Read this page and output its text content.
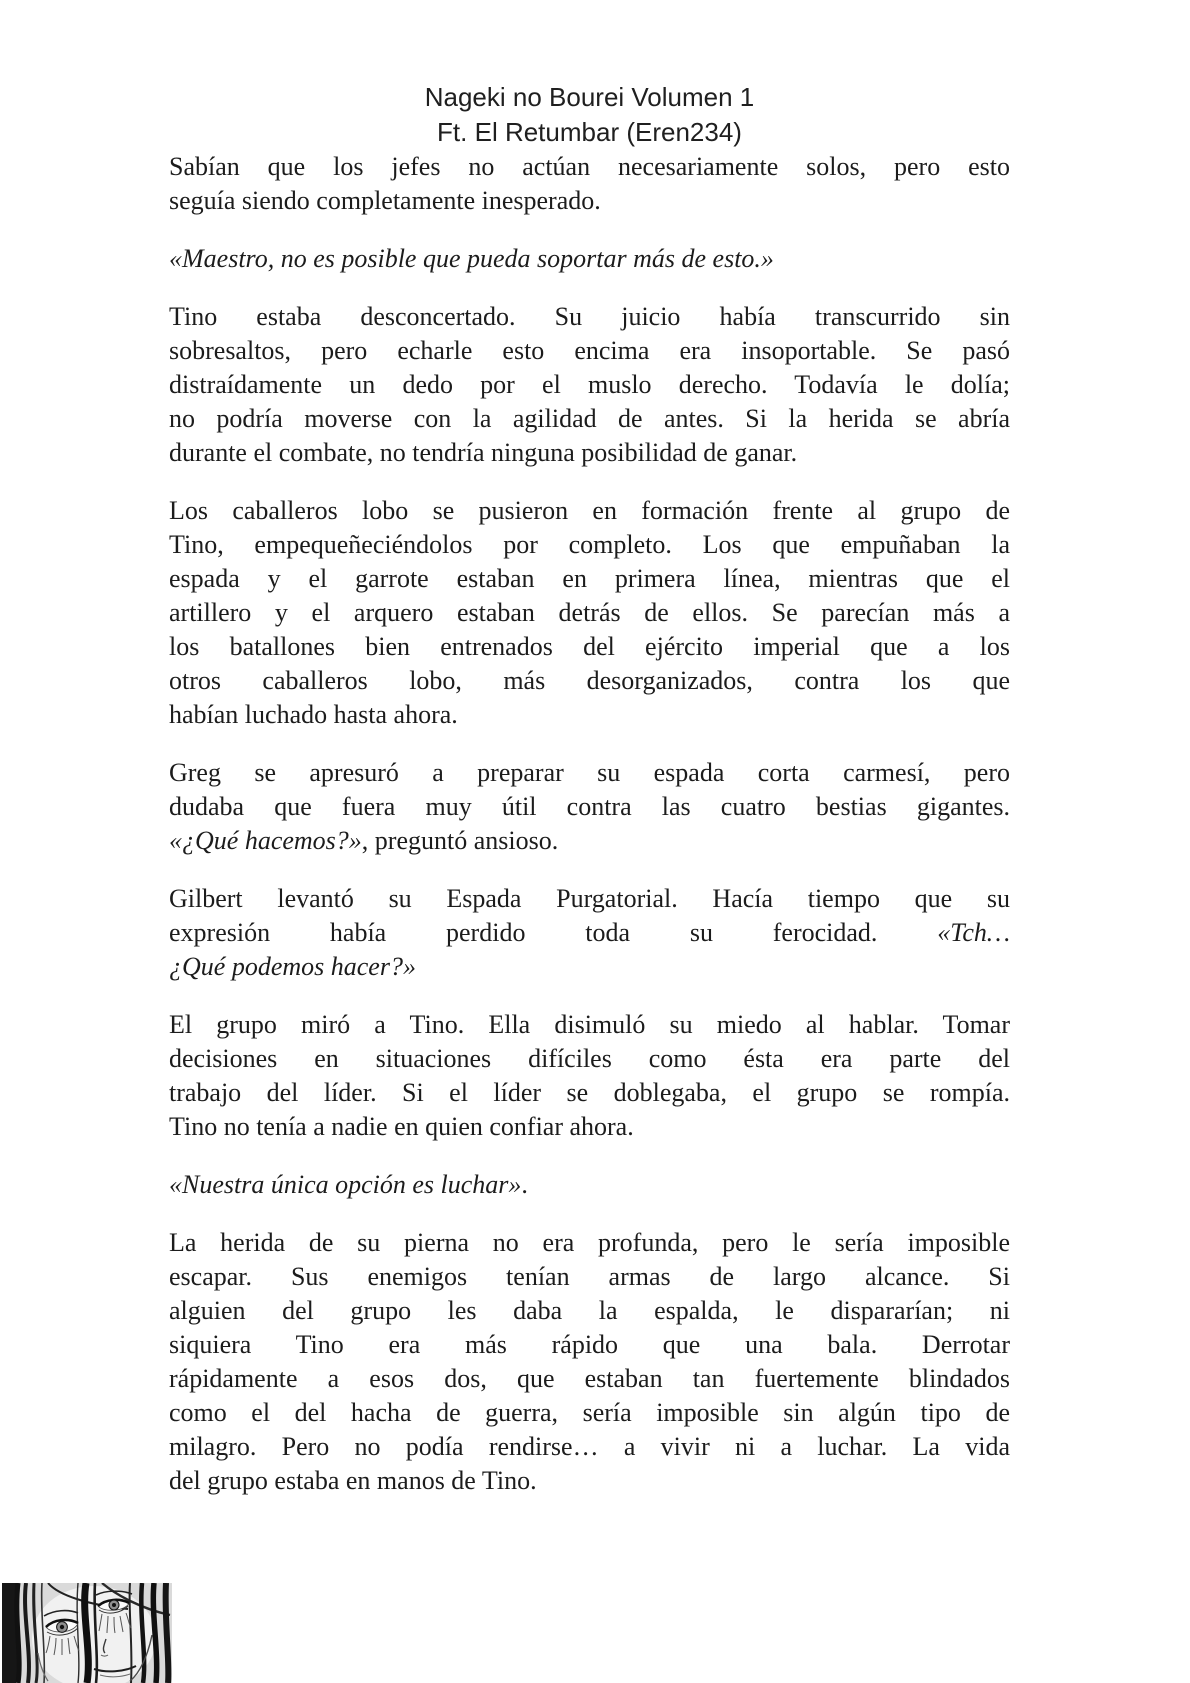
Nageki no Bourei Volumen 1
Ft. El Retumbar (Eren234)
Sabían que los jefes no actúan necesariamente solos, pero esto
seguía siendo completamente inesperado.
«Maestro, no es posible que pueda soportar más de esto.»
Tino estaba desconcertado. Su juicio había transcurrido sin
sobresaltos, pero echarle esto encima era insoportable. Se pasó
distraídamente un dedo por el muslo derecho. Todavía le dolía;
no podría moverse con la agilidad de antes. Si la herida se abría
durante el combate, no tendría ninguna posibilidad de ganar.
Los caballeros lobo se pusieron en formación frente al grupo de
Tino, empequeñeciéndolos por completo. Los que empuñaban la
espada y el garrote estaban en primera línea, mientras que el
artillero y el arquero estaban detrás de ellos. Se parecían más a
los batallones bien entrenados del ejército imperial que a los
otros caballeros lobo, más desorganizados, contra los que
habían luchado hasta ahora.
Greg se apresuró a preparar su espada corta carmesí, pero
dudaba que fuera muy útil contra las cuatro bestias gigantes.
«¿Qué hacemos?», preguntó ansioso.
Gilbert levantó su Espada Purgatorial. Hacía tiempo que su
expresión había perdido toda su ferocidad. «Tch…
¿Qué podemos hacer?»
El grupo miró a Tino. Ella disimuló su miedo al hablar. Tomar
decisiones en situaciones difíciles como ésta era parte del
trabajo del líder. Si el líder se doblegaba, el grupo se rompía.
Tino no tenía a nadie en quien confiar ahora.
«Nuestra única opción es luchar».
La herida de su pierna no era profunda, pero le sería imposible
escapar. Sus enemigos tenían armas de largo alcance. Si
alguien del grupo les daba la espalda, le dispararían; ni
siquiera Tino era más rápido que una bala. Derrotar
rápidamente a esos dos, que estaban tan fuertemente blindados
como el del hacha de guerra, sería imposible sin algún tipo de
milagro. Pero no podía rendirse… a vivir ni a luchar. La vida
del grupo estaba en manos de Tino.
